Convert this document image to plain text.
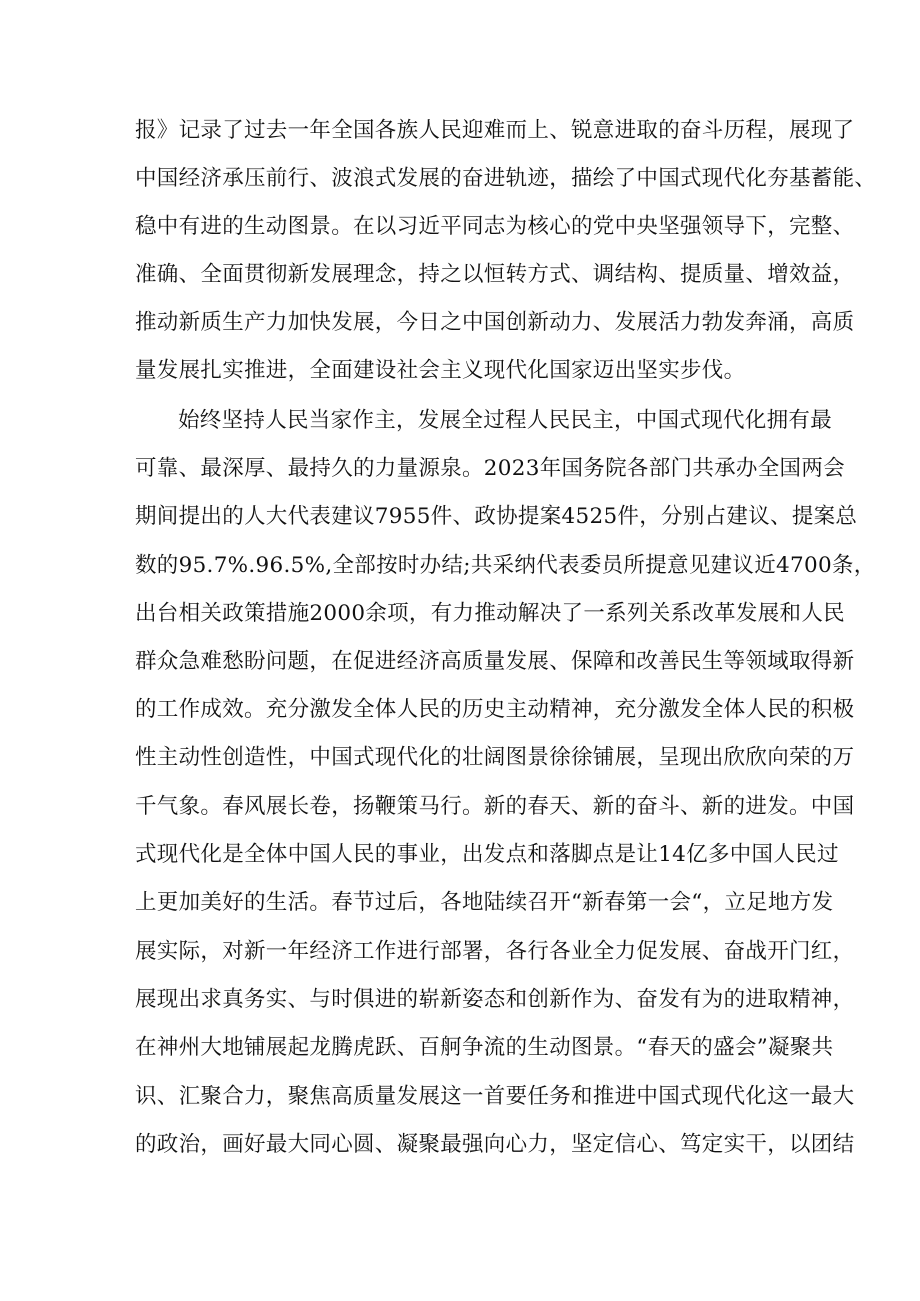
报》记录了过去一年全国各族人民迎难而上、锐意进取的奋斗历程，展现了
中国经济承压前行、波浪式发展的奋进轨迹，描绘了中国式现代化夯基蓄能、
稳中有进的生动图景。在以习近平同志为核心的党中央坚强领导下，完整、
准确、全面贯彻新发展理念，持之以恒转方式、调结构、提质量、增效益，
推动新质生产力加快发展，今日之中国创新动力、发展活力勃发奔涌，高质
量发展扎实推进，全面建设社会主义现代化国家迈出坚实步伐。
始终坚持人民当家作主，发展全过程人民民主，中国式现代化拥有最
可靠、最深厚、最持久的力量源泉。2023年国务院各部门共承办全国两会
期间提出的人大代表建议7955件、政协提案4525件，分别占建议、提案总
数的95.7%.96.5%,全部按时办结;共采纳代表委员所提意见建议近4700条，
出台相关政策措施2000余项，有力推动解决了一系列关系改革发展和人民
群众急难愁盼问题，在促进经济高质量发展、保障和改善民生等领域取得新
的工作成效。充分激发全体人民的历史主动精神，充分激发全体人民的积极
性主动性创造性，中国式现代化的壮阔图景徐徐铺展，呈现出欣欣向荣的万
千气象。春风展长卷，扬鞭策马行。新的春天、新的奋斗、新的进发。中国
式现代化是全体中国人民的事业，出发点和落脚点是让14亿多中国人民过
上更加美好的生活。春节过后，各地陆续召开“新春第一会“，立足地方发
展实际，对新一年经济工作进行部署，各行各业全力促发展、奋战开门红，
展现出求真务实、与时俱进的崭新姿态和创新作为、奋发有为的进取精神，
在神州大地铺展起龙腾虎跃、百舸争流的生动图景。“春天的盛会”凝聚共
识、汇聚合力，聚焦高质量发展这一首要任务和推进中国式现代化这一最大
的政治，画好最大同心圆、凝聚最强向心力，坚定信心、笃定实干，以团结
